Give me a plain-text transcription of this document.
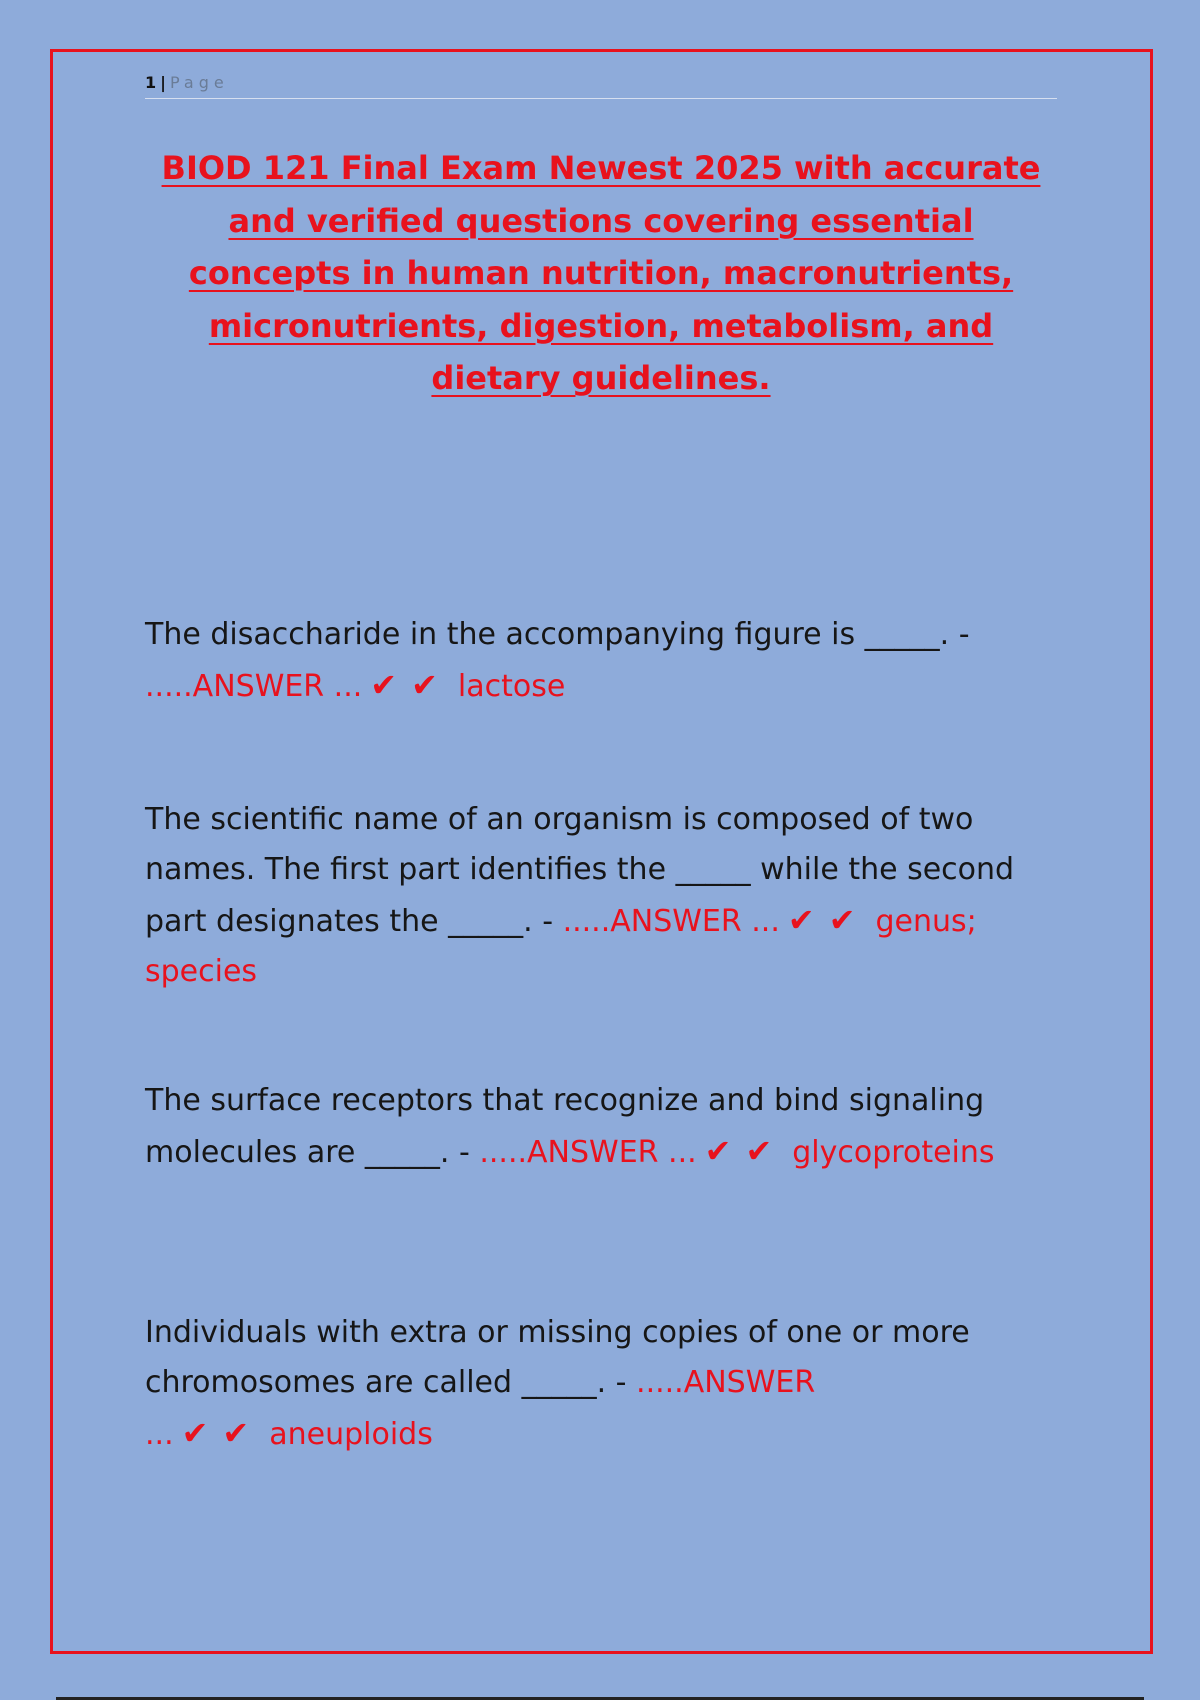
1 | Page
BIOD 121 Final Exam Newest 2025 with accurate and verified questions covering essential concepts in human nutrition, macronutrients, micronutrients, digestion, metabolism, and dietary guidelines.
The disaccharide in the accompanying figure is _____. - .....ANSWER ... ✔✔ lactose
The scientific name of an organism is composed of two names. The first part identifies the _____ while the second part designates the _____. - .....ANSWER ... ✔✔ genus; species
The surface receptors that recognize and bind signaling molecules are _____. - .....ANSWER ... ✔✔ glycoproteins
Individuals with extra or missing copies of one or more chromosomes are called _____. - .....ANSWER ... ✔✔ aneuploids
